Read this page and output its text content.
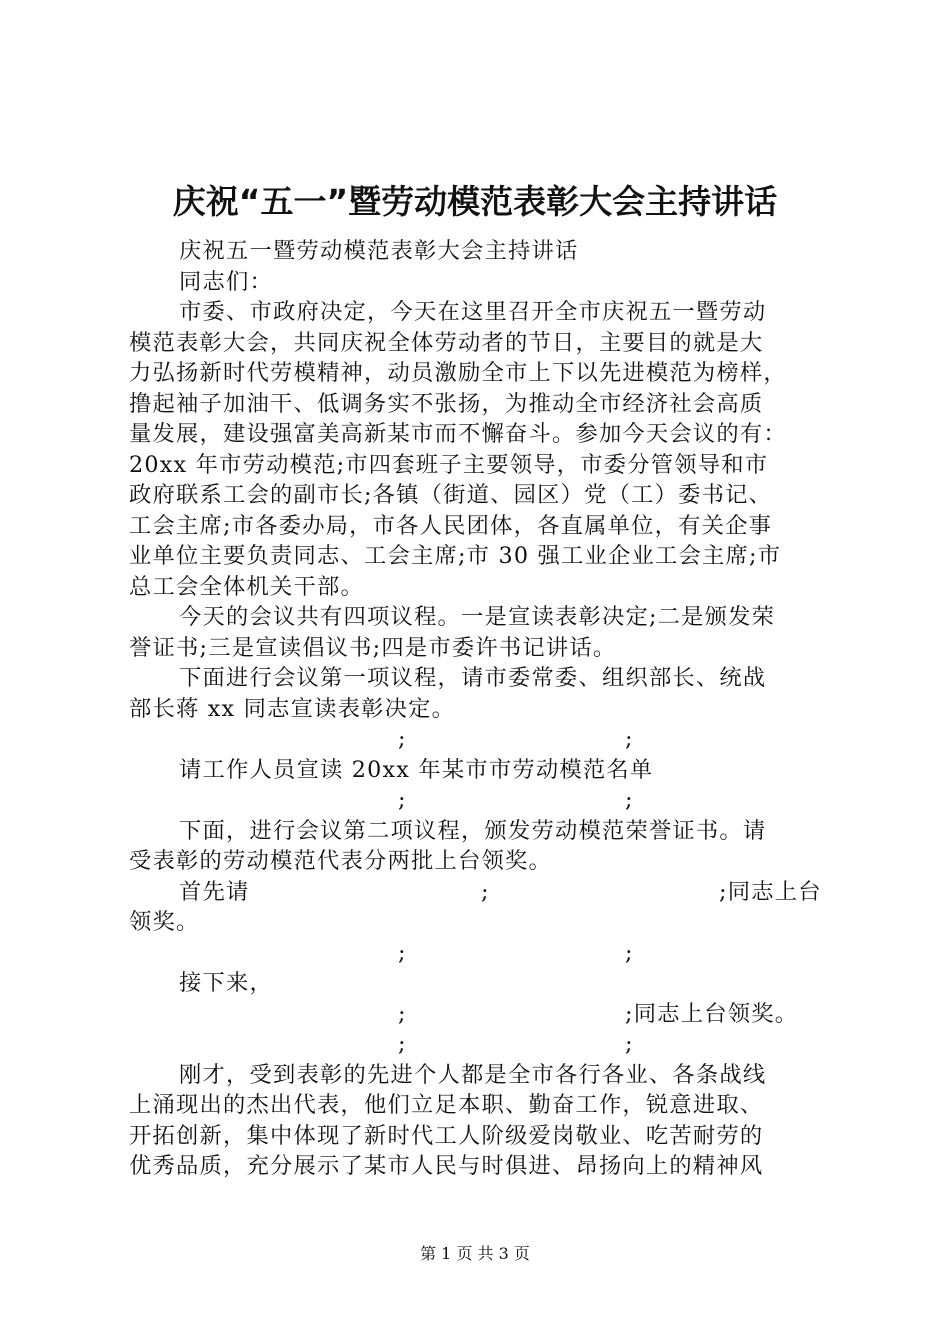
庆祝“五一”暨劳动模范表彰大会主持讲话
庆祝五一暨劳动模范表彰大会主持讲话
同志们：
市委、市政府决定，今天在这里召开全市庆祝五一暨劳动
模范表彰大会，共同庆祝全体劳动者的节日，主要目的就是大
力弘扬新时代劳模精神，动员激励全市上下以先进模范为榜样，
撸起袖子加油干、低调务实不张扬，为推动全市经济社会高质
量发展，建设强富美高新某市而不懈奋斗。参加今天会议的有：
20xx 年市劳动模范;市四套班子主要领导，市委分管领导和市
政府联系工会的副市长;各镇（街道、园区）党（工）委书记、
工会主席;市各委办局，市各人民团体，各直属单位，有关企事
业单位主要负责同志、工会主席;市 30 强工业企业工会主席;市
总工会全体机关干部。
今天的会议共有四项议程。一是宣读表彰决定;二是颁发荣
誉证书;三是宣读倡议书;四是市委许书记讲话。
下面进行会议第一项议程，请市委常委、组织部长、统战
部长蒋 xx 同志宣读表彰决定。
;	;
请工作人员宣读 20xx 年某市市劳动模范名单
;	;
下面，进行会议第二项议程，颁发劳动模范荣誉证书。请
受表彰的劳动模范代表分两批上台领奖。
首先请	;	;同志上台
领奖。
;	;
接下来，
;	;同志上台领奖。
;	;
刚才，受到表彰的先进个人都是全市各行各业、各条战线
上涌现出的杰出代表，他们立足本职、勤奋工作，锐意进取、
开拓创新，集中体现了新时代工人阶级爱岗敬业、吃苦耐劳的
优秀品质，充分展示了某市人民与时俱进、昂扬向上的精神风
第 1 页 共 3 页
